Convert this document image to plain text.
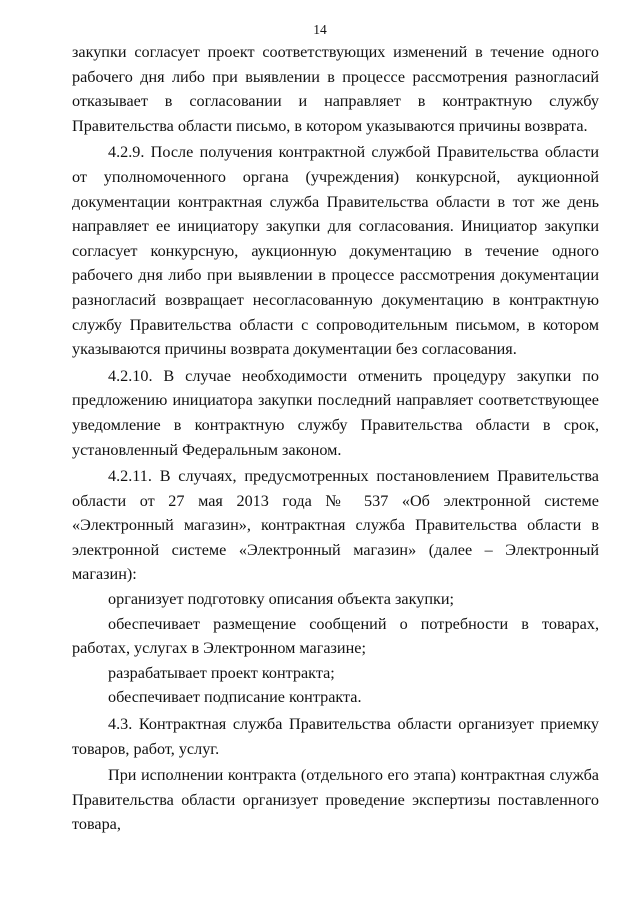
14

закупки согласует проект соответствующих изменений в течение одного рабочего дня либо при выявлении в процессе рассмотрения разногласий отказывает в согласовании и направляет в контрактную службу Правительства области письмо, в котором указываются причины возврата.

4.2.9. После получения контрактной службой Правительства области от уполномоченного органа (учреждения) конкурсной, аукционной документации контрактная служба Правительства области в тот же день направляет ее инициатору закупки для согласования. Инициатор закупки согласует конкурсную, аукционную документацию в течение одного рабочего дня либо при выявлении в процессе рассмотрения документации разногласий возвращает несогласованную документацию в контрактную службу Правительства области с сопроводительным письмом, в котором указываются причины возврата документации без согласования.

4.2.10. В случае необходимости отменить процедуру закупки по предложению инициатора закупки последний направляет соответствующее уведомление в контрактную службу Правительства области в срок, установленный Федеральным законом.

4.2.11. В случаях, предусмотренных постановлением Правительства области от 27 мая 2013 года № 537 «Об электронной системе «Электронный магазин», контрактная служба Правительства области в электронной системе «Электронный магазин» (далее – Электронный магазин):

организует подготовку описания объекта закупки;

обеспечивает размещение сообщений о потребности в товарах, работах, услугах в Электронном магазине;

разрабатывает проект контракта;

обеспечивает подписание контракта.

4.3. Контрактная служба Правительства области организует приемку товаров, работ, услуг.

При исполнении контракта (отдельного его этапа) контрактная служба Правительства области организует проведение экспертизы поставленного товара,
